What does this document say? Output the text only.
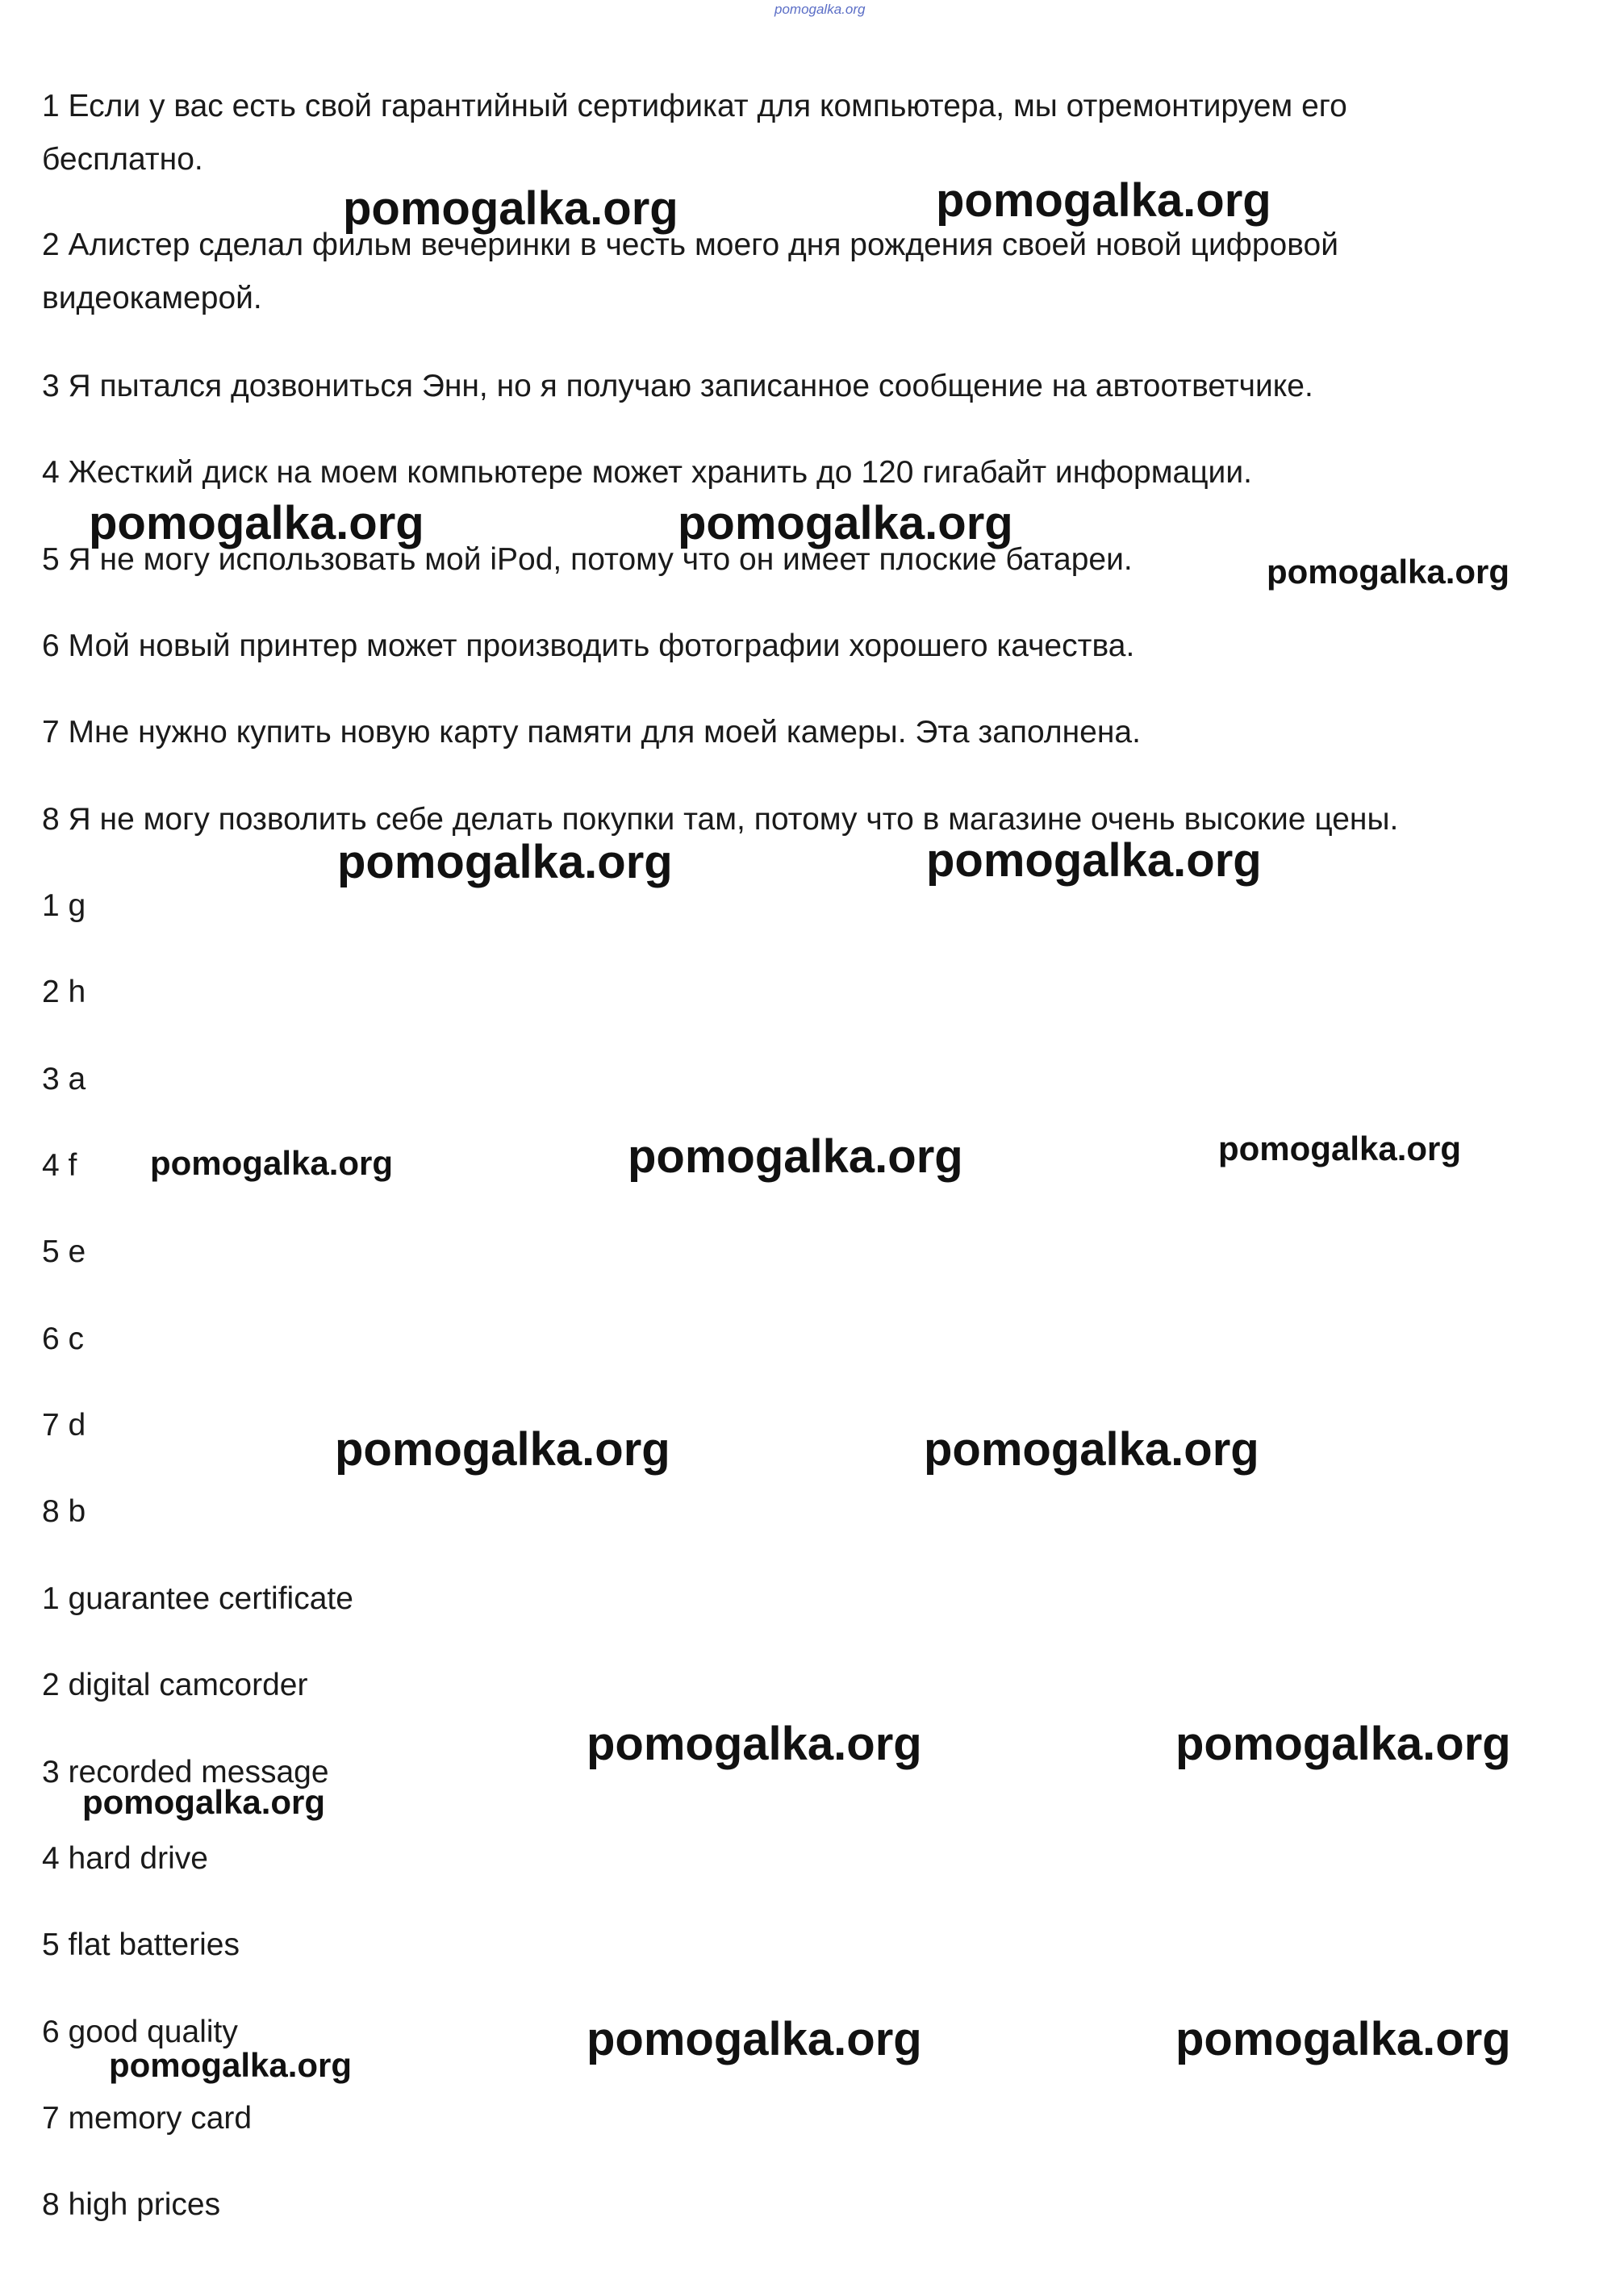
pomogalka.org
1 Если у вас есть свой гарантийный сертификат для компьютера, мы отремонтируем его
бесплатно.
2 Алистер сделал фильм вечеринки в честь моего дня рождения своей новой цифровой
видеокамерой.
3 Я пытался дозвониться Энн, но я получаю записанное сообщение на автоответчике.
4 Жесткий диск на моем компьютере может хранить до 120 гигабайт информации.
5 Я не могу использовать мой iPod, потому что он имеет плоские батареи.
6 Мой новый принтер может производить фотографии хорошего качества.
7 Мне нужно купить новую карту памяти для моей камеры. Эта заполнена.
8 Я не могу позволить себе делать покупки там, потому что в магазине очень высокие цены.
1 g
2 h
3 a
4 f
5 e
6 c
7 d
8 b
1 guarantee certificate
2 digital camcorder
3 recorded message
4 hard drive
5 flat batteries
6 good quality
7 memory card
8 high prices
pomogalka.org	pomogalka.org
pomogalka.org	pomogalka.org
pomogalka.org
pomogalka.org	pomogalka.org
pomogalka.org	pomogalka.org	pomogalka.org
pomogalka.org	pomogalka.org
pomogalka.org	pomogalka.org
pomogalka.org
pomogalka.org	pomogalka.org
pomogalka.org
